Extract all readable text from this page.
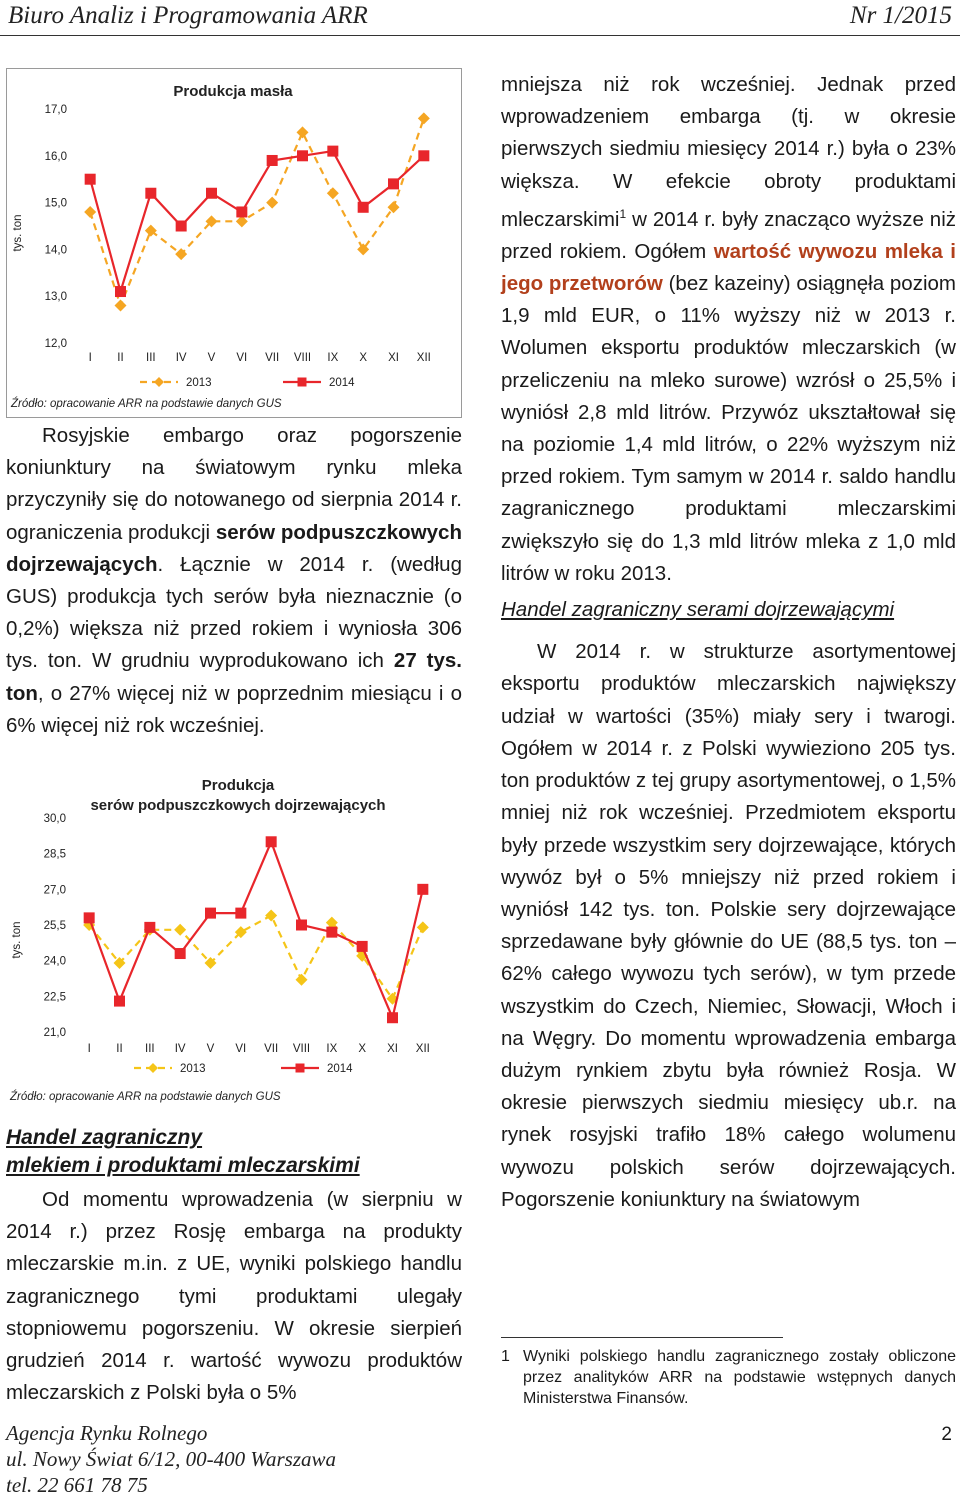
Biuro Analiz i Programowania ARR	Nr 1/2015
Produkcja masła
12,0
13,0
14,0
15,0
16,0
17,0
tys. ton
I II III IV V VI VII VIII IX X XI XII
2013	2014
Źródło: opracowanie ARR na podstawie danych GUS

Rosyjskie embargo oraz pogorszenie koniunktury na światowym rynku mleka przyczyniły się do notowanego od sierpnia 2014 r. ograniczenia produkcji serów podpuszczkowych dojrzewających. Łącznie w 2014 r. (według GUS) produkcja tych serów była nieznacznie (o 0,2%) większa niż przed rokiem i wyniosła 306 tys. ton. W grudniu wyprodukowano ich 27 tys. ton, o 27% więcej niż w poprzednim miesiącu i o 6% więcej niż rok wcześniej.

Produkcja
serów podpuszczkowych dojrzewających
21,0
22,5
24,0
25,5
27,0
28,5
30,0
tys. ton
I II III IV V VI VII VIII IX X XI XII
2013	2014
Źródło: opracowanie ARR na podstawie danych GUS

Handel zagraniczny

mlekiem i produktami mleczarskimi

Od momentu wprowadzenia (w sierpniu w 2014 r.) przez Rosję embarga na produkty mleczarskie m.in. z UE, wyniki polskiego handlu zagranicznego tymi produktami ulegały stopniowemu pogorszeniu. W okresie sierpień grudzień 2014 r. wartość wywozu produktów mleczarskich z Polski była o 5%

mniejsza niż rok wcześniej. Jednak przed wprowadzeniem embarga (tj. w okresie pierwszych siedmiu miesięcy 2014 r.) była o 23% większa. W efekcie obroty produktami mleczarskimi$^1$ w 2014 r. były znacząco wyższe niż przed rokiem. Ogółem wartość wywozu mleka i jego przetworów (bez kazeiny) osiągnęła poziom 1,9 mld EUR, o 11% wyższy niż w 2013 r. Wolumen eksportu produktów mleczarskich (w przeliczeniu na mleko surowe) wzrósł o 25,5% i wyniósł 2,8 mld litrów. Przywóz ukształtował się na poziomie 1,4 mld litrów, o 22% wyższym niż przed rokiem. Tym samym w 2014 r. saldo handlu zagranicznego produktami mleczarskimi zwiększyło się do 1,3 mld litrów mleka z 1,0 mld litrów w roku 2013.

Handel zagraniczny serami dojrzewającymi

W 2014 r. w strukturze asortymentowej eksportu produktów mleczarskich największy udział w wartości (35%) miały sery i twarogi. Ogółem w 2014 r. z Polski wywieziono 205 tys. ton produktów z tej grupy asortymentowej, o 1,5% mniej niż rok wcześniej. Przedmiotem eksportu były przede wszystkim sery dojrzewające, których wywóz był o 5% mniejszy niż przed rokiem i wyniósł 142 tys. ton. Polskie sery dojrzewające sprzedawane były głównie do UE (88,5 tys. ton – 62% całego wywozu tych serów), w tym przede wszystkim do Czech, Niemiec, Słowacji, Włoch i na Węgry. Do momentu wprowadzenia embarga dużym rynkiem zbytu była również Rosja. W okresie pierwszych siedmiu miesięcy ub.r. na rynek rosyjski trafiło 18% całego wolumenu wywozu polskich serów dojrzewających. Pogorszenie koniunktury na światowym

1 Wyniki polskiego handlu zagranicznego zostały obliczone przez analityków ARR na podstawie wstępnych danych Ministerstwa Finansów.
Agencja Rynku Rolnego
ul. Nowy Świat 6/12, 00-400 Warszawa
tel. 22 661 78 75
2
